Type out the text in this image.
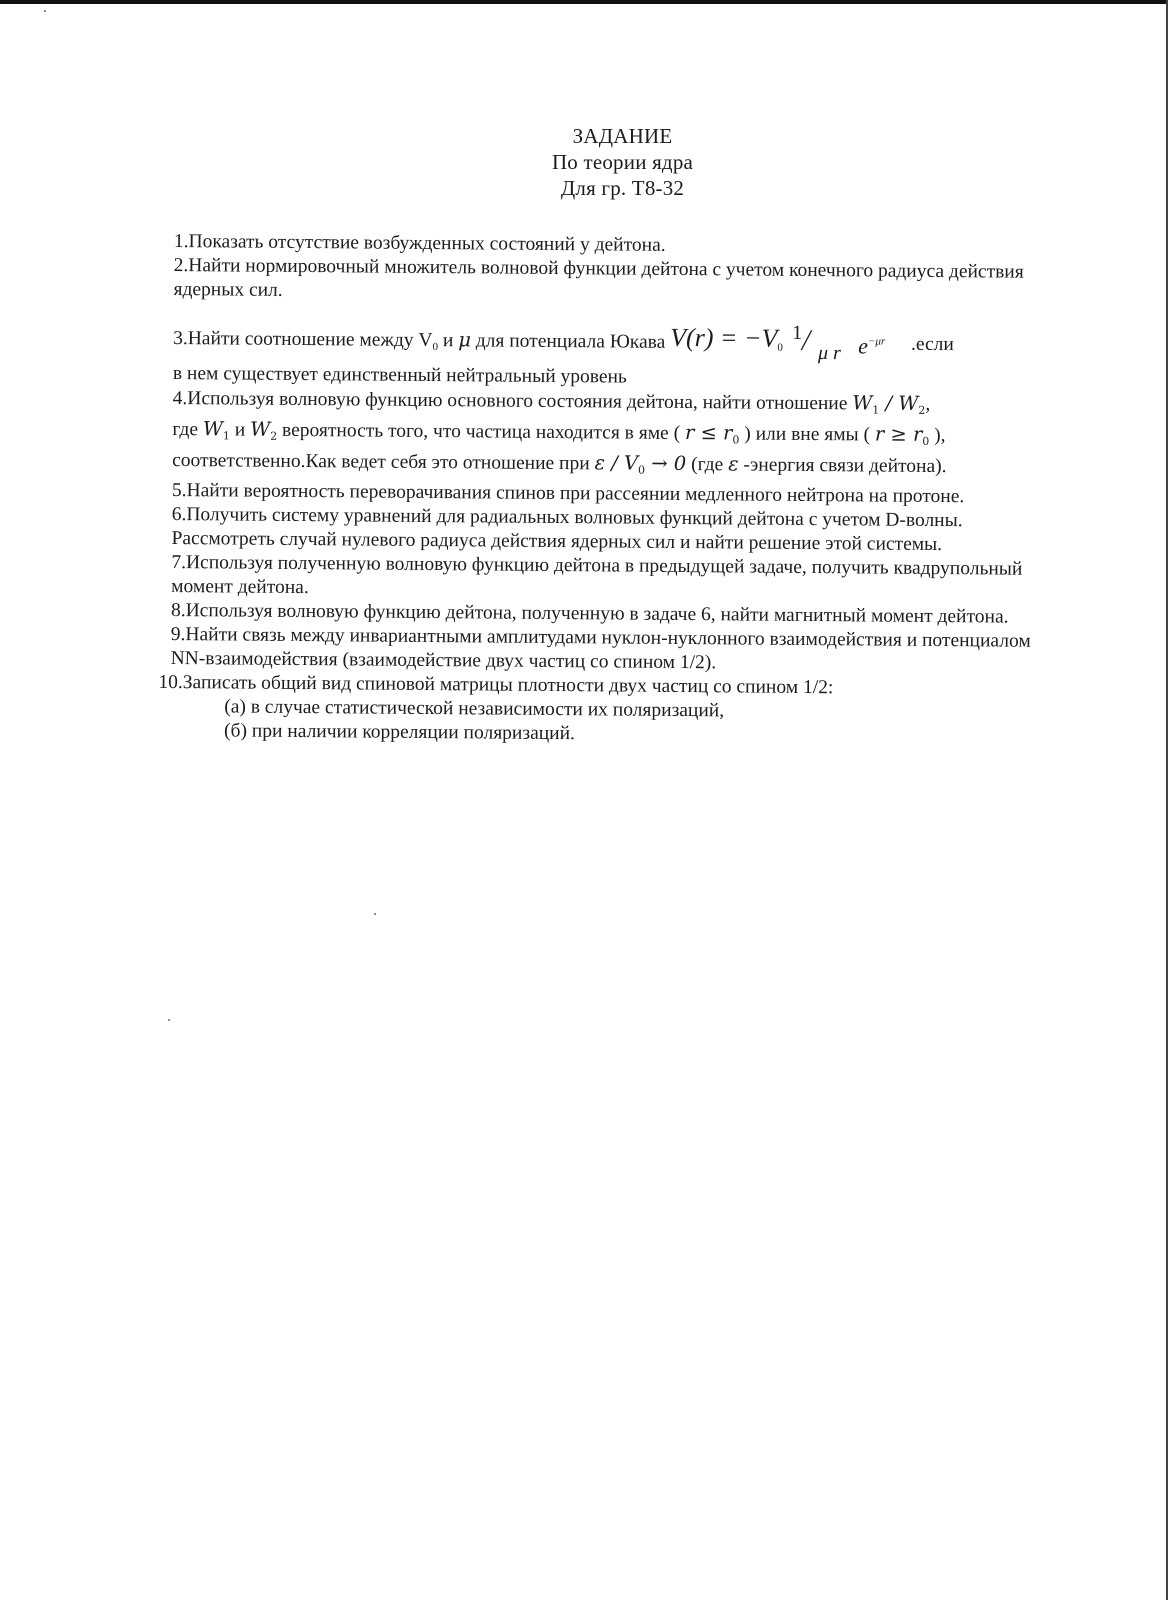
ЗАДАНИЕ
По теории ядра
Для гр. Т8-32

1.Показать отсутствие возбужденных состояний у дейтона.

2.Найти нормировочный множитель волновой функции дейтона с учетом конечного радиуса действия ядерных сил.

3.Найти соотношение между $V_0$ и μ для потенциала Юкава $V(r) = -V_0$
1
/ μ r $e^{-\mu r}$ .если
в нем существует единственный нейтральный уровень

4.Используя волновую функцию основного состояния дейтона, найти отношение $W_1 / W_2$,
где $W_1$ и $W_2$ вероятность того, что частица находится в яме ( $r \le r_0$ ) или вне ямы ( $r \ge r_0$ ),
соответственно.Как ведет себя это отношение при $\varepsilon / V_0 \to 0$ (где ε -энергия связи дейтона).

5.Найти вероятность переворачивания спинов при рассеянии медленного нейтрона на протоне.

6.Получить систему уравнений для радиальных волновых функций дейтона с учетом D-волны. Рассмотреть случай нулевого радиуса действия ядерных сил и найти решение этой системы.

7.Используя полученную волновую функцию дейтона в предыдущей задаче, получить квадрупольный момент дейтона.

8.Используя волновую функцию дейтона, полученную в задаче 6, найти магнитный момент дейтона.

9.Найти связь между инвариантными амплитудами нуклон-нуклонного взаимодействия и потенциалом NN-взаимодействия (взаимодействие двух частиц со спином 1/2).

10.Записать общий вид спиновой матрицы плотности двух частиц со спином 1/2:

(а) в случае статистической независимости их поляризаций,

(б) при наличии корреляции поляризаций.
